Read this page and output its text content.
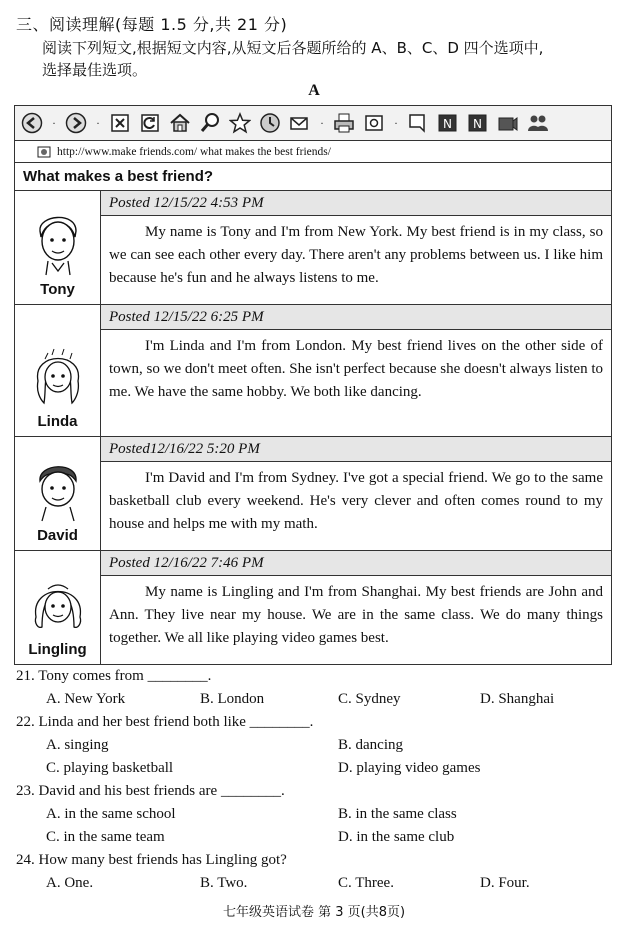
三、阅读理解(每题 1.5 分,共 21 分)
阅读下列短文,根据短文内容,从短文后各题所给的 A、B、C、D 四个选项中,
选择最佳选项。
A
·	·	·	·	N N
http://www.make friends.com/ what makes the best friends/
What makes a best friend?
Tony
Posted 12/15/22 4:53 PM
My name is Tony and I'm from New York. My best friend is in my class, so we can see each other every day. There aren't any problems between us. I like him because he's fun and he always listens to me.
Linda
Posted 12/15/22 6:25 PM
I'm Linda and I'm from London. My best friend lives on the other side of town, so we don't meet often. She isn't perfect because she doesn't always listen to me. We have the same hobby. We both like dancing.
David
Posted12/16/22 5:20 PM
I'm David and I'm from Sydney. I've got a special friend. We go to the same basketball club every weekend. He's very clever and often comes round to my house and helps me with my math.
Lingling
Posted 12/16/22 7:46 PM
My name is Lingling and I'm from Shanghai. My best friends are John and Ann. They live near my house. We are in the same class. We do many things together. We all like playing video games best.
21. Tony comes from ________.
A. New York	B. London	C. Sydney	D. Shanghai
22. Linda and her best friend both like ________.
A. singing	B. dancing
C. playing basketball	D. playing video games
23. David and his best friends are ________.
A. in the same school	B. in the same class
C. in the same team	D. in the same club
24. How many best friends has Lingling got?
A. One.	B. Two.	C. Three.	D. Four.
七年级英语试卷 第 3 页(共8页)
